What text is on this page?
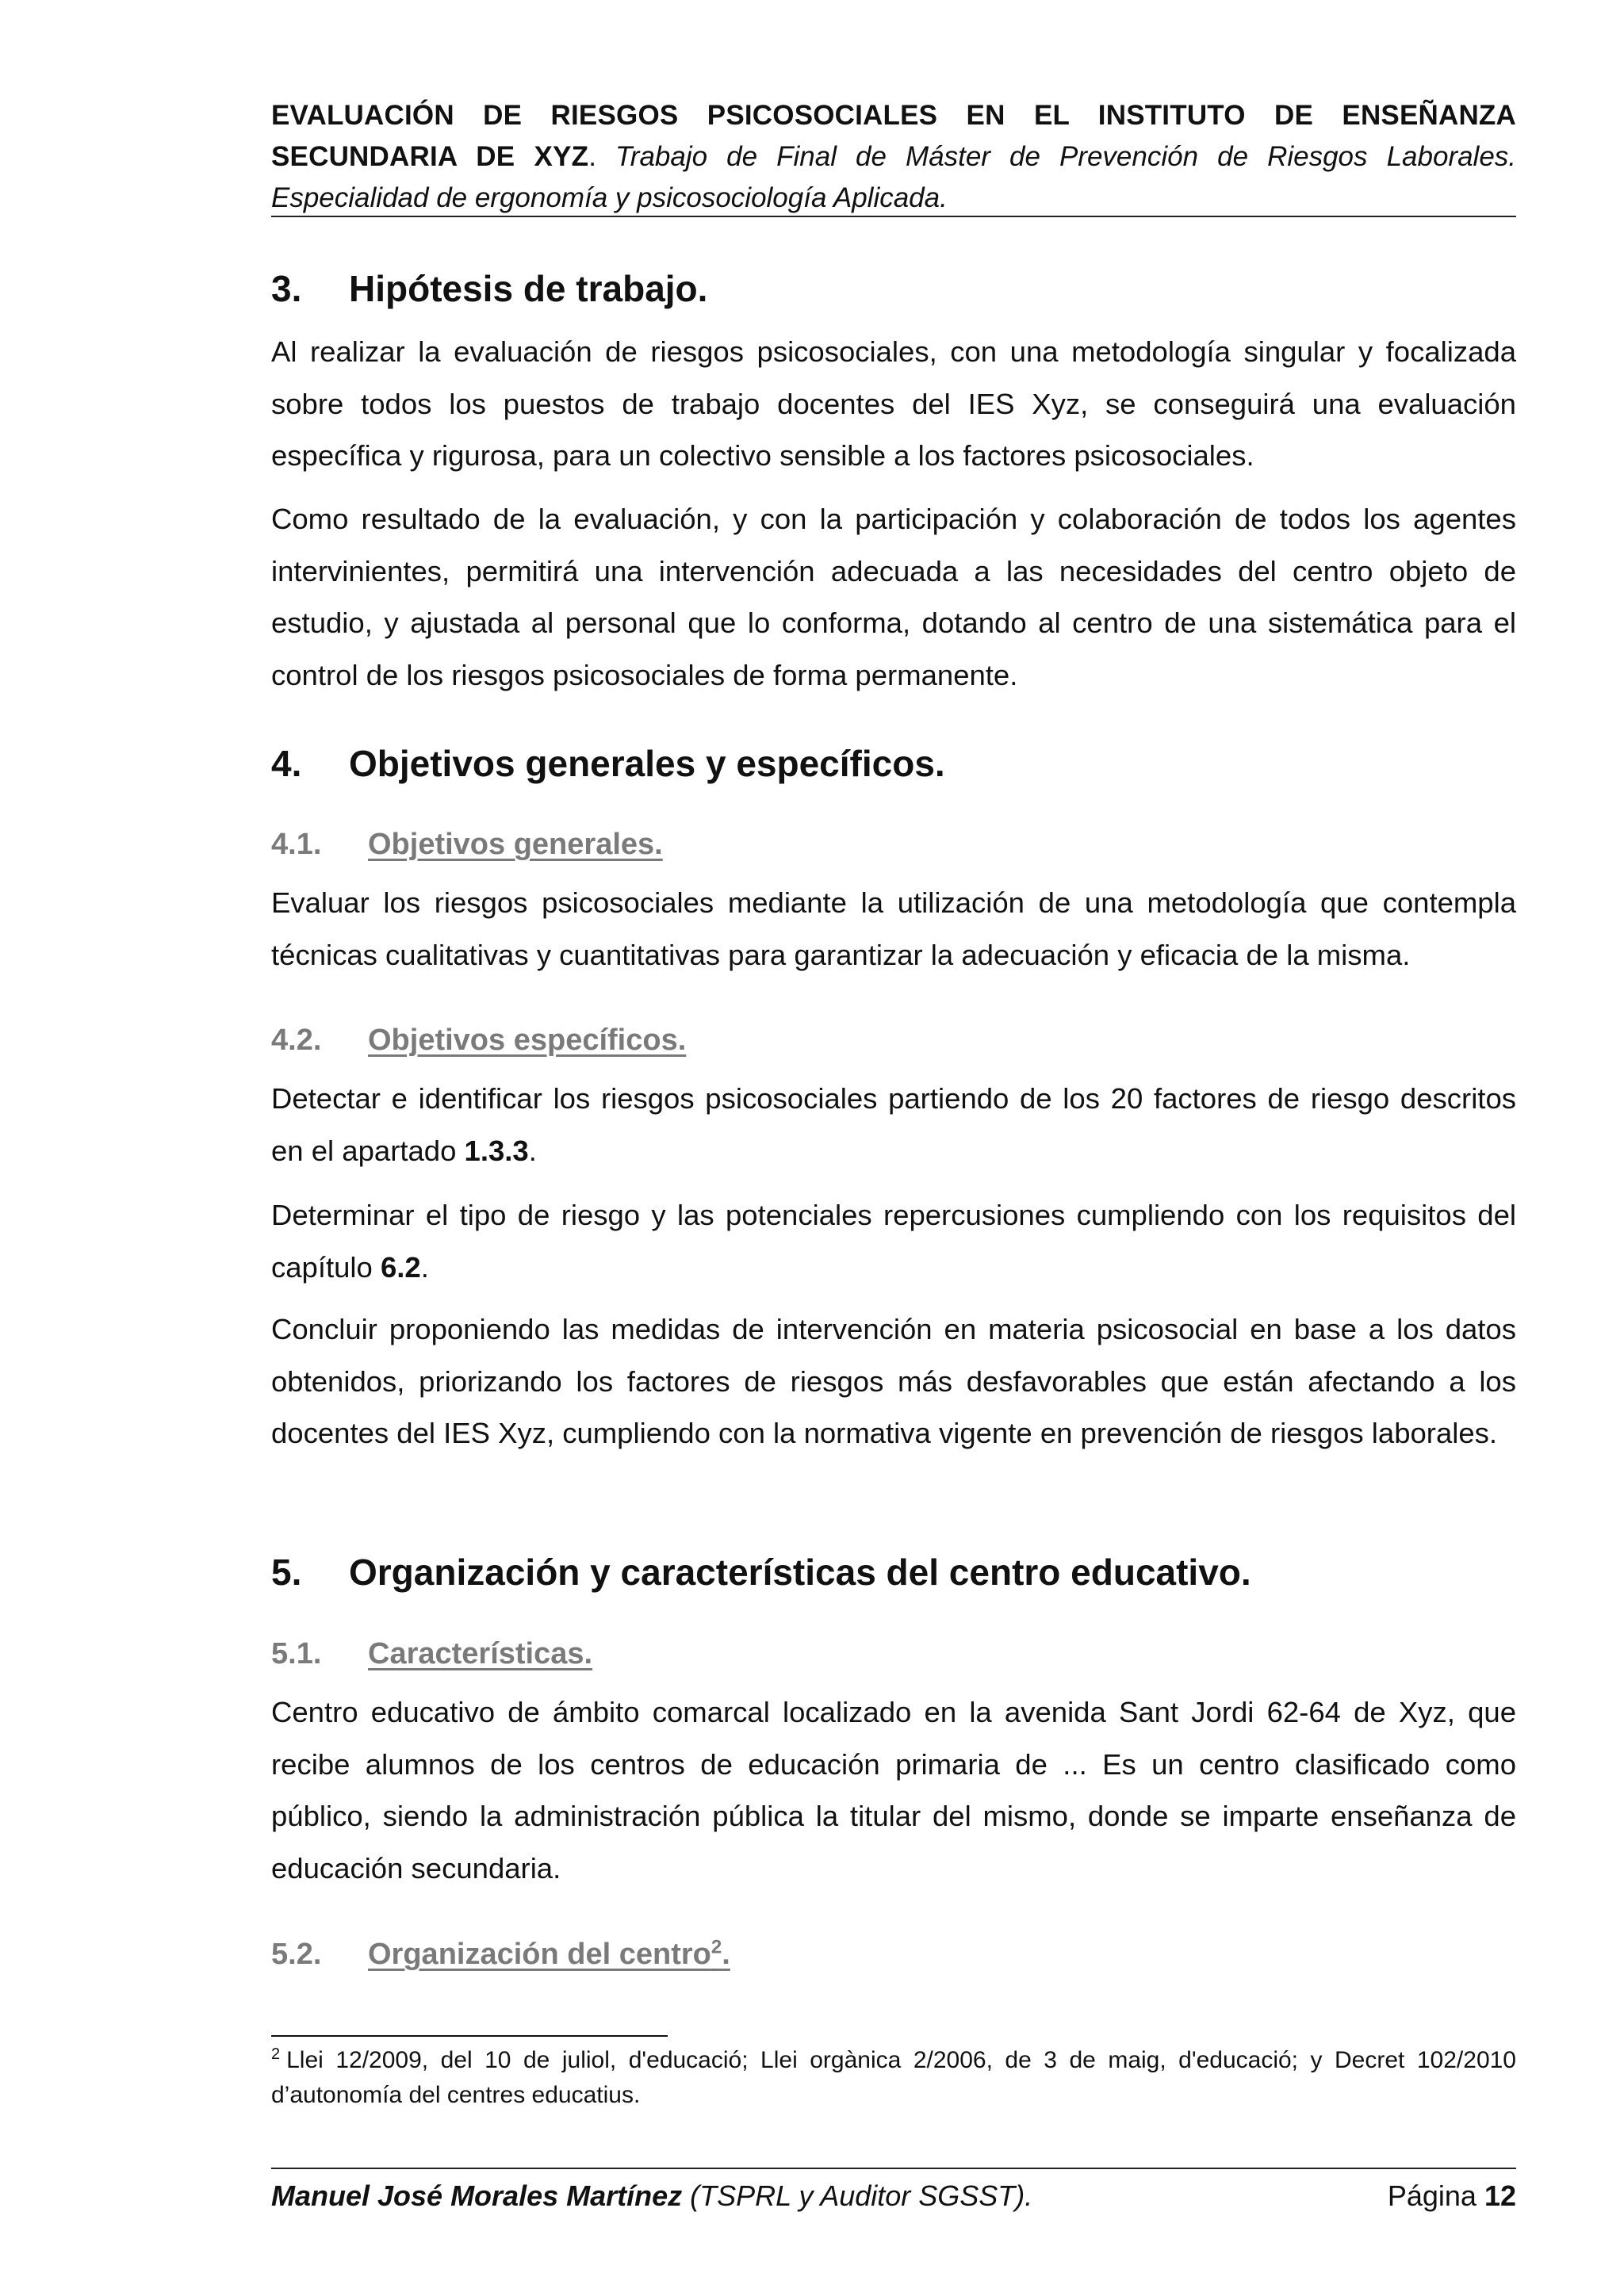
EVALUACIÓN DE RIESGOS PSICOSOCIALES EN EL INSTITUTO DE ENSEÑANZA SECUNDARIA DE XYZ. Trabajo de Final de Máster de Prevención de Riesgos Laborales. Especialidad de ergonomía y psicosociología Aplicada.
3. Hipótesis de trabajo.

Al realizar la evaluación de riesgos psicosociales, con una metodología singular y focalizada sobre todos los puestos de trabajo docentes del IES Xyz, se conseguirá una evaluación específica y rigurosa, para un colectivo sensible a los factores psicosociales.

Como resultado de la evaluación, y con la participación y colaboración de todos los agentes intervinientes, permitirá una intervención adecuada a las necesidades del centro objeto de estudio, y ajustada al personal que lo conforma, dotando al centro de una sistemática para el control de los riesgos psicosociales de forma permanente.

4. Objetivos generales y específicos.
4.1. Objetivos generales.

Evaluar los riesgos psicosociales mediante la utilización de una metodología que contempla técnicas cualitativas y cuantitativas para garantizar la adecuación y eficacia de la misma.

4.2. Objetivos específicos.

Detectar e identificar los riesgos psicosociales partiendo de los 20 factores de riesgo descritos en el apartado 1.3.3.

Determinar el tipo de riesgo y las potenciales repercusiones cumpliendo con los requisitos del capítulo 6.2.

Concluir proponiendo las medidas de intervención en materia psicosocial en base a los datos obtenidos, priorizando los factores de riesgos más desfavorables que están afectando a los docentes del IES Xyz, cumpliendo con la normativa vigente en prevención de riesgos laborales.

5. Organización y características del centro educativo.
5.1. Características.

Centro educativo de ámbito comarcal localizado en la avenida Sant Jordi 62-64 de Xyz, que recibe alumnos de los centros de educación primaria de ... Es un centro clasificado como público, siendo la administración pública la titular del mismo, donde se imparte enseñanza de educación secundaria.

5.2. Organización del centro$^2$.
$^2$ Llei 12/2009, del 10 de juliol, d'educació; Llei orgànica 2/2006, de 3 de maig, d'educació; y Decret 102/2010 d’autonomía del centres educatius.
Manuel José Morales Martínez (TSPRL y Auditor SGSST).	Página 12
